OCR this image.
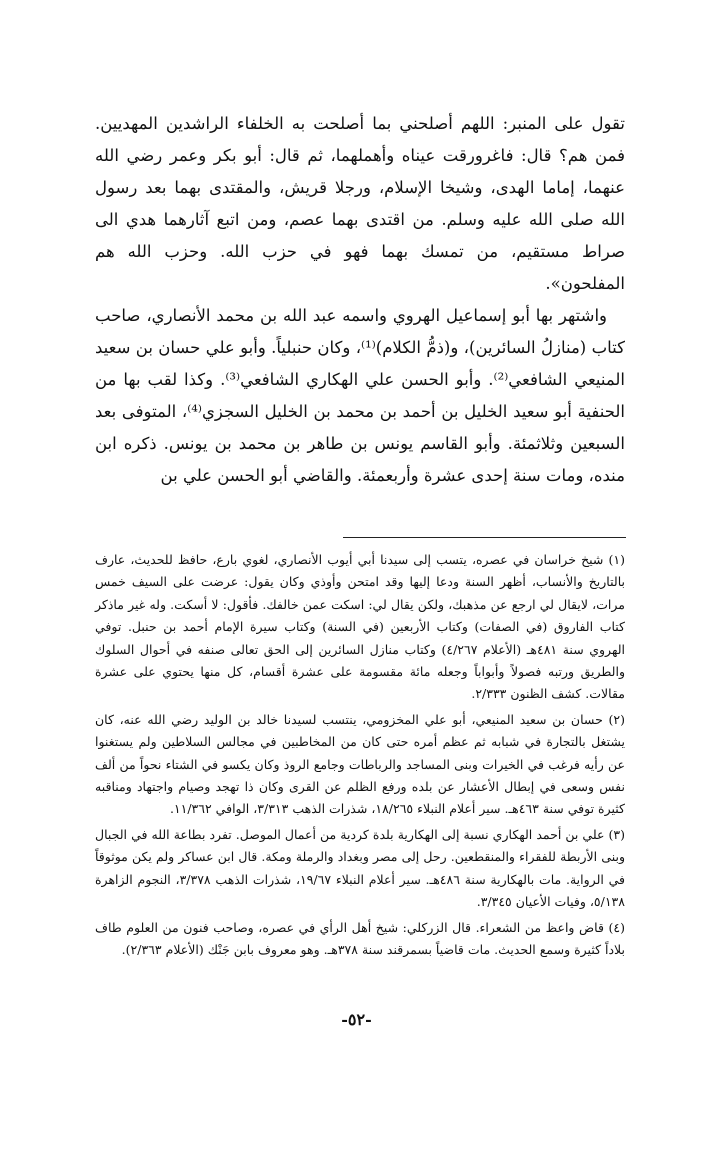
تقول على المنبر: اللهم أصلحني بما أصلحت به الخلفاء الراشدين المهديين. فمن هم؟ قال: فاغرورقت عيناه وأهملهما، ثم قال: أبو بكر وعمر رضي الله عنهما، إماما الهدى، وشيخا الإسلام، ورجلا قريش، والمقتدى بهما بعد رسول الله صلى الله عليه وسلم. من اقتدى بهما عصم، ومن اتبع آثارهما هدي الى صراط مستقيم، من تمسك بهما فهو في حزب الله. وحزب الله هم المفلحون».

واشتهر بها أبو إسماعيل الهروي واسمه عبد الله بن محمد الأنصاري، صاحب كتاب (منازلُ السائرين)، و(ذمُّ الكلام)⁽¹⁾، وكان حنبلياً. وأبو علي حسان بن سعيد المنيعي الشافعي⁽²⁾. وأبو الحسن علي الهكاري الشافعي⁽³⁾. وكذا لقب بها من الحنفية أبو سعيد الخليل بن أحمد بن محمد بن الخليل السجزي⁽⁴⁾، المتوفى بعد السبعين وثلاثمئة. وأبو القاسم يونس بن طاهر بن محمد بن يونس. ذكره ابن منده، ومات سنة إحدى عشرة وأربعمئة. والقاضي أبو الحسن علي بن

(١) شيخ خراسان في عصره، يتسب إلى سيدنا أبي أيوب الأنصاري، لغوي بارع، حافظ للحديث، عارف بالتاريخ والأنساب، أظهر السنة ودعا إليها وقد امتحن وأوذي وكان يقول: عرضت على السيف خمس مرات، لايقال لي ارجع عن مذهبك، ولكن يقال لي: اسكت عمن خالفك. فأقول: لا أسكت. وله غير ماذكر كتاب الفاروق (في الصفات) وكتاب الأربعين (في السنة) وكتاب سيرة الإمام أحمد بن حنبل. توفي الهروي سنة ٤٨١هـ (الأعلام ٤/٢٦٧) وكتاب منازل السائرين إلى الحق تعالى صنفه في أحوال السلوك والطريق ورتبه فصولاً وأبواباً وجعله مائة مقسومة على عشرة أقسام، كل منها يحتوي على عشرة مقالات. كشف الظنون ٢/٣٣٣.

(٢) حسان بن سعيد المنيعي، أبو علي المخزومي، ينتسب لسيدنا خالد بن الوليد رضي الله عنه، كان يشتغل بالتجارة في شبابه ثم عظم أمره حتى كان من المخاطبين في مجالس السلاطين ولم يستغنوا عن رأيه فرغب في الخيرات وبنى المساجد والرباطات وجامع الروذ وكان يكسو في الشتاء نحواً من ألف نفس وسعى في إبطال الأعشار عن بلده ورفع الظلم عن القرى وكان ذا تهجد وصيام واجتهاد ومناقبه كثيرة توفي سنة ٤٦٣هـ. سير أعلام النبلاء ١٨/٢٦٥، شذرات الذهب ٣/٣١٣، الوافي ١١/٣٦٢.

(٣) علي بن أحمد الهكاري نسبة إلى الهكارية بلدة كردية من أعمال الموصل. تفرد بطاعة الله في الجبال وبنى الأربطة للفقراء والمنقطعين. رحل إلى مصر وبغداد والرملة ومكة. قال ابن عساكر ولم يكن موثوقاً في الرواية. مات بالهكارية سنة ٤٨٦هـ. سير أعلام النبلاء ١٩/٦٧، شذرات الذهب ٣/٣٧٨، النجوم الزاهرة ٥/١٣٨، وفيات الأعيان ٣/٣٤٥.

(٤) قاض واعظ من الشعراء. قال الزركلي: شيخ أهل الرأي في عصره، وصاحب فنون من العلوم طاف بلاداً كثيرة وسمع الحديث. مات قاضياً بسمرقند سنة ٣٧٨هـ. وهو معروف بابن جَنْك (الأعلام ٢/٣٦٣).

-٥٢-
